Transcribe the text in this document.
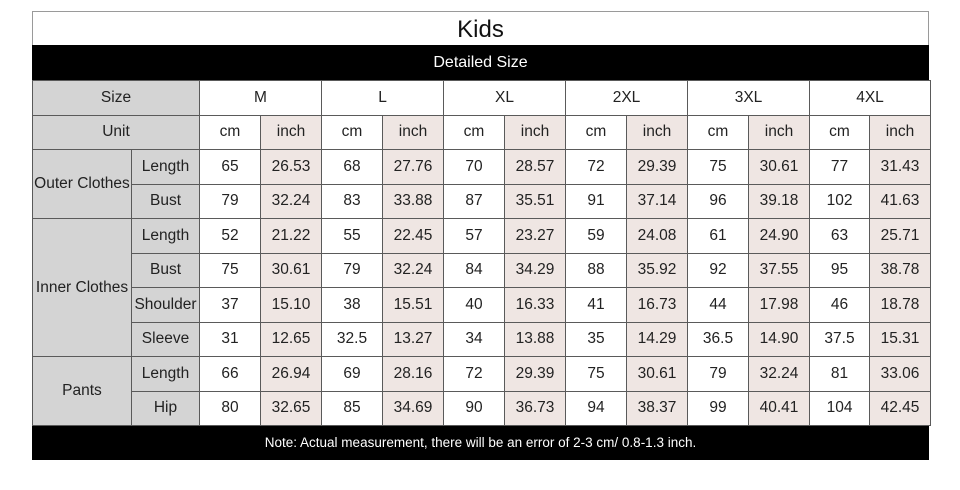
Kids
Detailed Size
Size		M		L		XL		2XL		3XL		4XL	
Unit		cm	inch	cm	inch	cm	inch	cm	inch	cm	inch	cm	inch
Outer Clothes	Length	65	26.53	68	27.76	70	28.57	72	29.39	75	30.61	77	31.43
	Bust	79	32.24	83	33.88	87	35.51	91	37.14	96	39.18	102	41.63
Inner Clothes	Length	52	21.22	55	22.45	57	23.27	59	24.08	61	24.90	63	25.71
	Bust	75	30.61	79	32.24	84	34.29	88	35.92	92	37.55	95	38.78
	Shoulder	37	15.10	38	15.51	40	16.33	41	16.73	44	17.98	46	18.78
	Sleeve	31	12.65	32.5	13.27	34	13.88	35	14.29	36.5	14.90	37.5	15.31
Pants	Length	66	26.94	69	28.16	72	29.39	75	30.61	79	32.24	81	33.06
	Hip	80	32.65	85	34.69	90	36.73	94	38.37	99	40.41	104	42.45
Note: Actual measurement, there will be an error of 2-3 cm/ 0.8-1.3 inch.
